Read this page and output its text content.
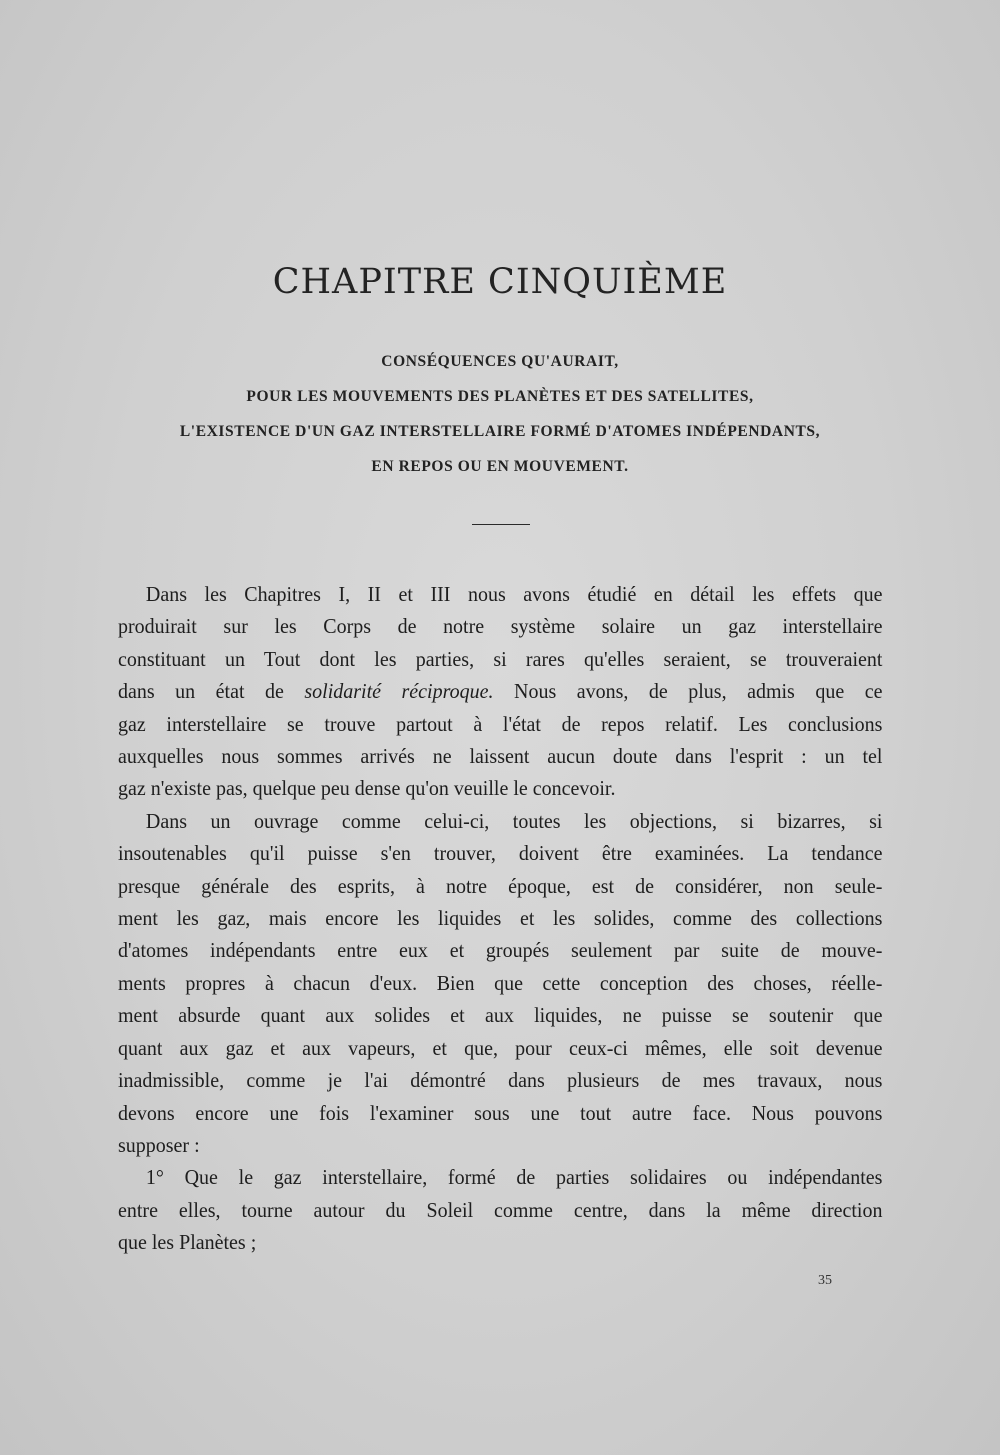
CHAPITRE CINQUIÈME
CONSÉQUENCES QU'AURAIT,
POUR LES MOUVEMENTS DES PLANÈTES ET DES SATELLITES,
L'EXISTENCE D'UN GAZ INTERSTELLAIRE FORMÉ D'ATOMES INDÉPENDANTS,
EN REPOS OU EN MOUVEMENT.
Dans les Chapitres I, II et III nous avons étudié en détail les effets que
produirait sur les Corps de notre système solaire un gaz interstellaire
constituant un Tout dont les parties, si rares qu'elles seraient, se trouveraient
dans un état de solidarité réciproque. Nous avons, de plus, admis que ce
gaz interstellaire se trouve partout à l'état de repos relatif. Les conclusions
auxquelles nous sommes arrivés ne laissent aucun doute dans l'esprit : un tel
gaz n'existe pas, quelque peu dense qu'on veuille le concevoir.
Dans un ouvrage comme celui-ci, toutes les objections, si bizarres, si
insoutenables qu'il puisse s'en trouver, doivent être examinées. La tendance
presque générale des esprits, à notre époque, est de considérer, non seule-
ment les gaz, mais encore les liquides et les solides, comme des collections
d'atomes indépendants entre eux et groupés seulement par suite de mouve-
ments propres à chacun d'eux. Bien que cette conception des choses, réelle-
ment absurde quant aux solides et aux liquides, ne puisse se soutenir que
quant aux gaz et aux vapeurs, et que, pour ceux-ci mêmes, elle soit devenue
inadmissible, comme je l'ai démontré dans plusieurs de mes travaux, nous
devons encore une fois l'examiner sous une tout autre face. Nous pouvons
supposer :
1° Que le gaz interstellaire, formé de parties solidaires ou indépendantes
entre elles, tourne autour du Soleil comme centre, dans la même direction
que les Planètes ;
35
